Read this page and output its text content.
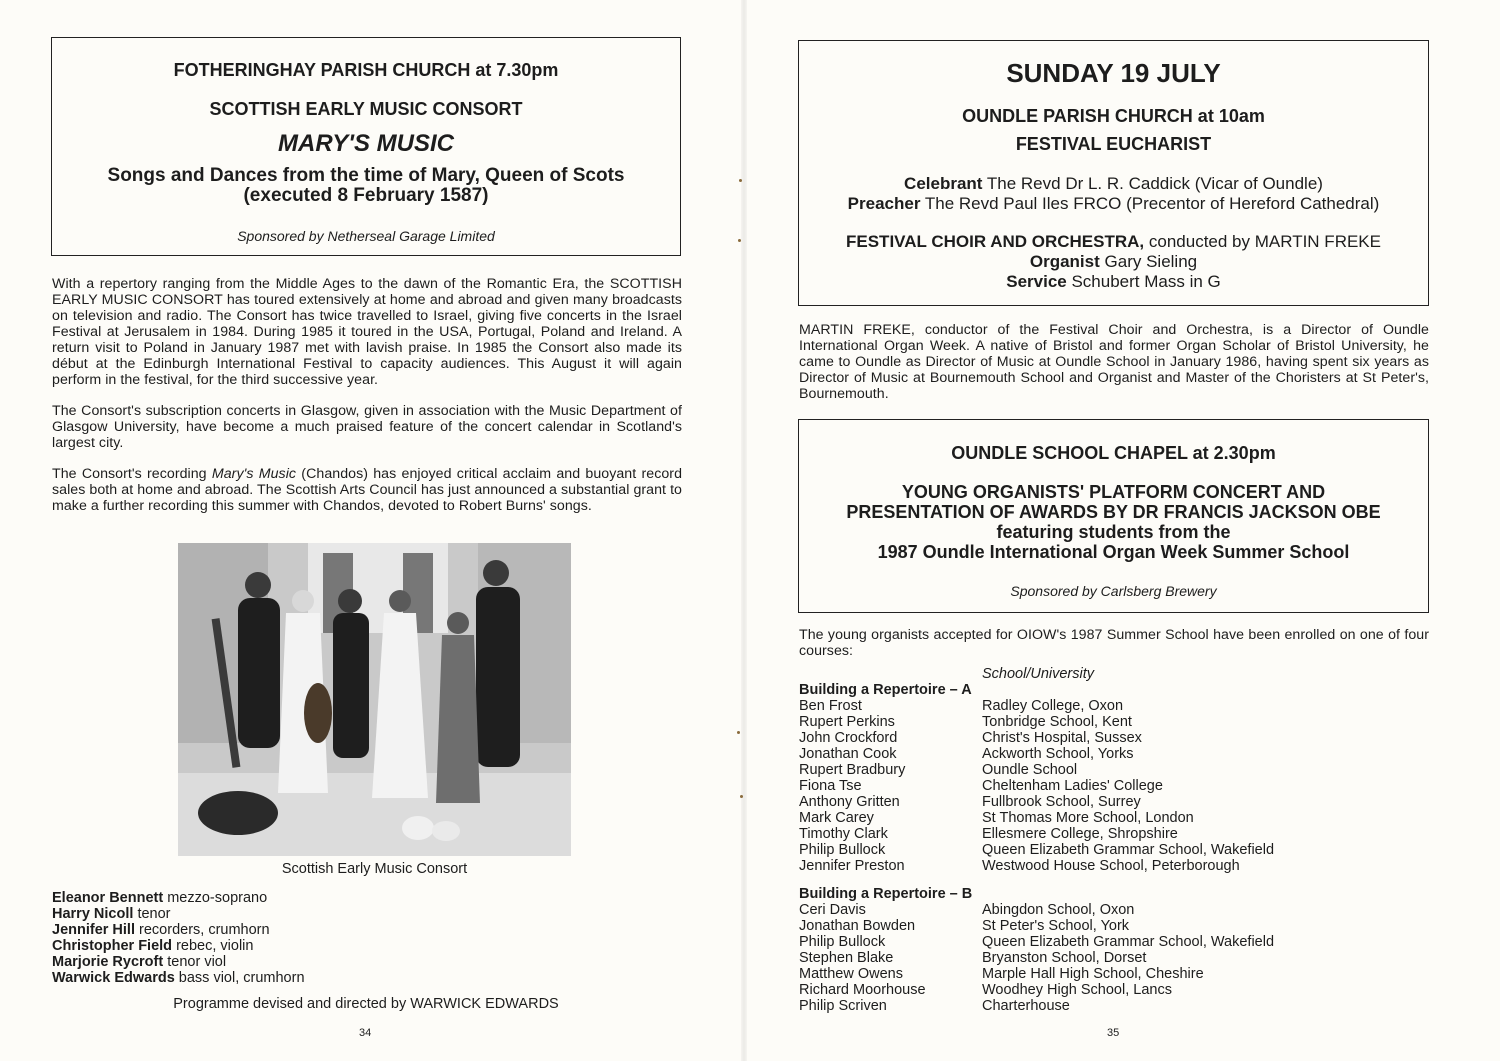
FOTHERINGHAY PARISH CHURCH at 7.30pm
SCOTTISH EARLY MUSIC CONSORT
MARY'S MUSIC
Songs and Dances from the time of Mary, Queen of Scots
(executed 8 February 1587)
Sponsored by Netherseal Garage Limited

With a repertory ranging from the Middle Ages to the dawn of the Romantic Era, the SCOTTISH EARLY MUSIC CONSORT has toured extensively at home and abroad and given many broadcasts on television and radio. The Consort has twice travelled to Israel, giving five concerts in the Israel Festival at Jerusalem in 1984. During 1985 it toured in the USA, Portugal, Poland and Ireland. A return visit to Poland in January 1987 met with lavish praise. In 1985 the Consort also made its début at the Edinburgh International Festival to capacity audiences. This August it will again perform in the festival, for the third successive year.

The Consort's subscription concerts in Glasgow, given in association with the Music Department of Glasgow University, have become a much praised feature of the concert calendar in Scotland's largest city.

The Consort's recording Mary's Music (Chandos) has enjoyed critical acclaim and buoyant record sales both at home and abroad. The Scottish Arts Council has just announced a substantial grant to make a further recording this summer with Chandos, devoted to Robert Burns' songs.

Scottish Early Music Consort
Eleanor Bennett mezzo-soprano
Harry Nicoll tenor
Jennifer Hill recorders, crumhorn
Christopher Field rebec, violin
Marjorie Rycroft tenor viol
Warwick Edwards bass viol, crumhorn
Programme devised and directed by WARWICK EDWARDS
34
SUNDAY 19 JULY
OUNDLE PARISH CHURCH at 10am
FESTIVAL EUCHARIST
Celebrant The Revd Dr L. R. Caddick (Vicar of Oundle)
Preacher The Revd Paul Iles FRCO (Precentor of Hereford Cathedral)
FESTIVAL CHOIR AND ORCHESTRA, conducted by MARTIN FREKE
Organist Gary Sieling
Service Schubert Mass in G

MARTIN FREKE, conductor of the Festival Choir and Orchestra, is a Director of Oundle International Organ Week. A native of Bristol and former Organ Scholar of Bristol University, he came to Oundle as Director of Music at Oundle School in January 1986, having spent six years as Director of Music at Bournemouth School and Organist and Master of the Choristers at St Peter's, Bournemouth.

OUNDLE SCHOOL CHAPEL at 2.30pm
YOUNG ORGANISTS' PLATFORM CONCERT AND
PRESENTATION OF AWARDS BY DR FRANCIS JACKSON OBE
featuring students from the
1987 Oundle International Organ Week Summer School
Sponsored by Carlsberg Brewery

The young organists accepted for OIOW's 1987 Summer School have been enrolled on one of four courses:

School/University
Building a Repertoire – A
Ben Frost	Radley College, Oxon
Rupert Perkins	Tonbridge School, Kent
John Crockford	Christ's Hospital, Sussex
Jonathan Cook	Ackworth School, Yorks
Rupert Bradbury	Oundle School
Fiona Tse	Cheltenham Ladies' College
Anthony Gritten	Fullbrook School, Surrey
Mark Carey	St Thomas More School, London
Timothy Clark	Ellesmere College, Shropshire
Philip Bullock	Queen Elizabeth Grammar School, Wakefield
Jennifer Preston	Westwood House School, Peterborough
Building a Repertoire – B
Ceri Davis	Abingdon School, Oxon
Jonathan Bowden	St Peter's School, York
Philip Bullock	Queen Elizabeth Grammar School, Wakefield
Stephen Blake	Bryanston School, Dorset
Matthew Owens	Marple Hall High School, Cheshire
Richard Moorhouse	Woodhey High School, Lancs
Philip Scriven	Charterhouse
35
